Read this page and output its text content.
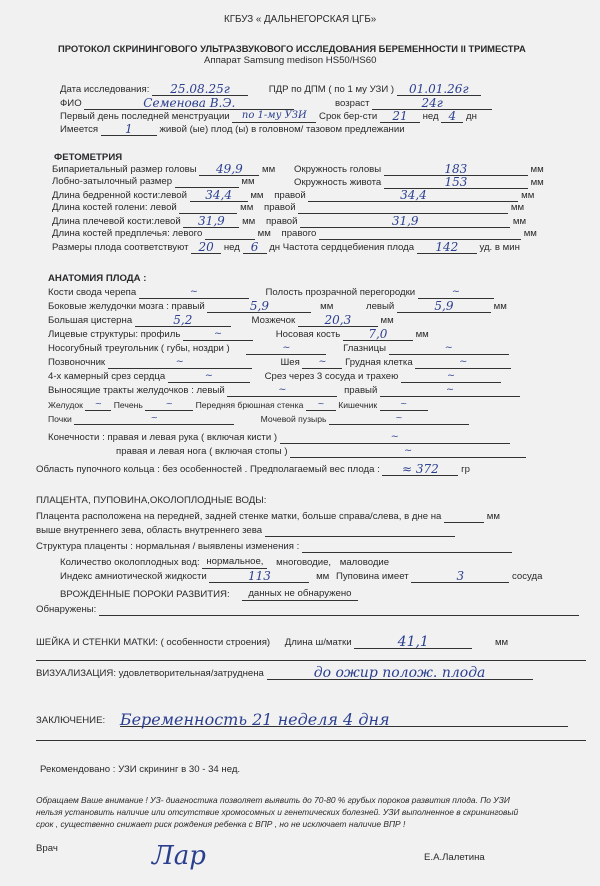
КГБУЗ « ДАЛЬНЕГОРСКАЯ ЦГБ»
ПРОТОКОЛ СКРИНИНГОВОГО УЛЬТРАЗВУКОВОГО ИССЛЕДОВАНИЯ БЕРЕМЕННОСТИ II ТРИМЕСТРА
Аппарат Samsung medison HS50/HS60
Дата исследования: 25.08.25г	ПДР по ДПМ ( по 1 му УЗИ ) 01.01.26г
ФИО	Семенова В.Э.	возраст	24г
Первый день последней менструации по 1-му УЗИ Срок бер-сти 21 нед 4 дн
Имеется 1	живой (ые) плод (ы) в головном/ тазовом предлежании
ФЕТОМЕТРИЯ
Бипариетальный размер головы 49,9 мм Окружность головы	183	мм
Лобно-затылочный размер	мм	Окружность живота	153	мм
Длина бедренной кости:левой 34,4 мм правой	34,4	мм
Длина костей голени: левой	мм правой	мм
Длина плечевой кости:левой 31,9 мм правой	31,9	мм
Длина костей предплечья: левого	мм правого	мм
Размеры плода соответствуют 20 нед 6 дн Частота сердцебиения плода 142 уд. в мин
АНАТОМИЯ ПЛОДА :
Кости свода черепа	~	Полость прозрачной перегородки	~
Боковые желудочки мозга : правый	5,9	мм	левый	5,9	мм
Большая цистерна	5,2	Мозжечок 20,3	мм
Лицевые структуры: профиль	~	Носовая кость 7,0	мм
Носогубный треугольник ( губы, ноздри )	~	Глазницы	~
Позвоночник	~	Шея ~ Грудная клетка	~
4-х камерный срез сердца	~	Срез через 3 сосуда и трахею	~
Выносящие тракты желудочков : левый	~	правый	~
Желудок ~ Печень	~	Передняя брюшная стенка ~ Кишечник	~
Почки	~	Мочевой пузырь	~
Конечности : правая и левая рука ( включая кисти )	~
правая и левая нога ( включая стопы )	~
Область пупочного кольца : без особенностей . Предполагаемый вес плода : ≈ 372 гр
ПЛАЦЕНТА, ПУПОВИНА,ОКОЛОПЛОДНЫЕ ВОДЫ:
Плацента расположена на передней, задней стенке матки, больше справа/слева, в дне на	мм
выше внутреннего зева, область внутреннего зева
Структура плаценты : нормальная / выявлены изменения :
Количество околоплодных вод: нормальное, многоводие, маловодие
Индекс амниотической жидкости	113	мм Пуповина имеет	3	сосуда
ВРОЖДЕННЫЕ ПОРОКИ РАЗВИТИЯ: данных не обнаружено
Обнаружены:
ШЕЙКА И СТЕНКИ МАТКИ: ( особенности строения) Длина ш/матки	41,1	мм
ВИЗУАЛИЗАЦИЯ: удовлетворительная/затруднена	до ожир полож. плода
ЗАКЛЮЧЕНИЕ: Беременность 21 неделя 4 дня
Рекомендовано : УЗИ скрининг в 30 - 34 нед.
Обращаем Ваше внимание ! УЗ- диагностика позволяет выявить до 70-80 % грубых пороков развития плода. По УЗИ
нельзя установить наличие или отсутствие хромосомных и генетических болезней. УЗИ выполненное в скрининговый
срок , существенно снижает риск рождения ребенка с ВПР , но не исключает наличие ВПР !
Врач	Лар	Е.А.Лалетина
